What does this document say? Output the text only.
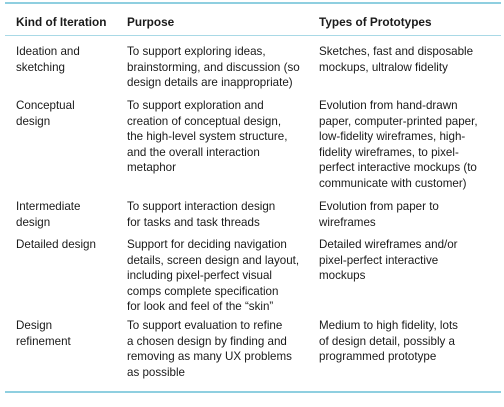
Kind of Iteration Purpose	Types of Prototypes
Ideation and
sketching
To support exploring ideas,
brainstorming, and discussion (so
design details are inappropriate)
Sketches, fast and disposable
mockups, ultralow fidelity
Conceptual
design
To support exploration and
creation of conceptual design,
the high-level system structure,
and the overall interaction
metaphor
Evolution from hand-drawn
paper, computer-printed paper,
low-fidelity wireframes, high-
fidelity wireframes, to pixel-
perfect interactive mockups (to
communicate with customer)
Intermediate
design
To support interaction design
for tasks and task threads
Evolution from paper to
wireframes
Detailed design	Support for deciding navigation
details, screen design and layout,
including pixel-perfect visual
comps complete specification
for look and feel of the “skin”
Detailed wireframes and/or
pixel-perfect interactive
mockups
Design
refinement
To support evaluation to refine
a chosen design by finding and
removing as many UX problems
as possible
Medium to high fidelity, lots
of design detail, possibly a
programmed prototype
